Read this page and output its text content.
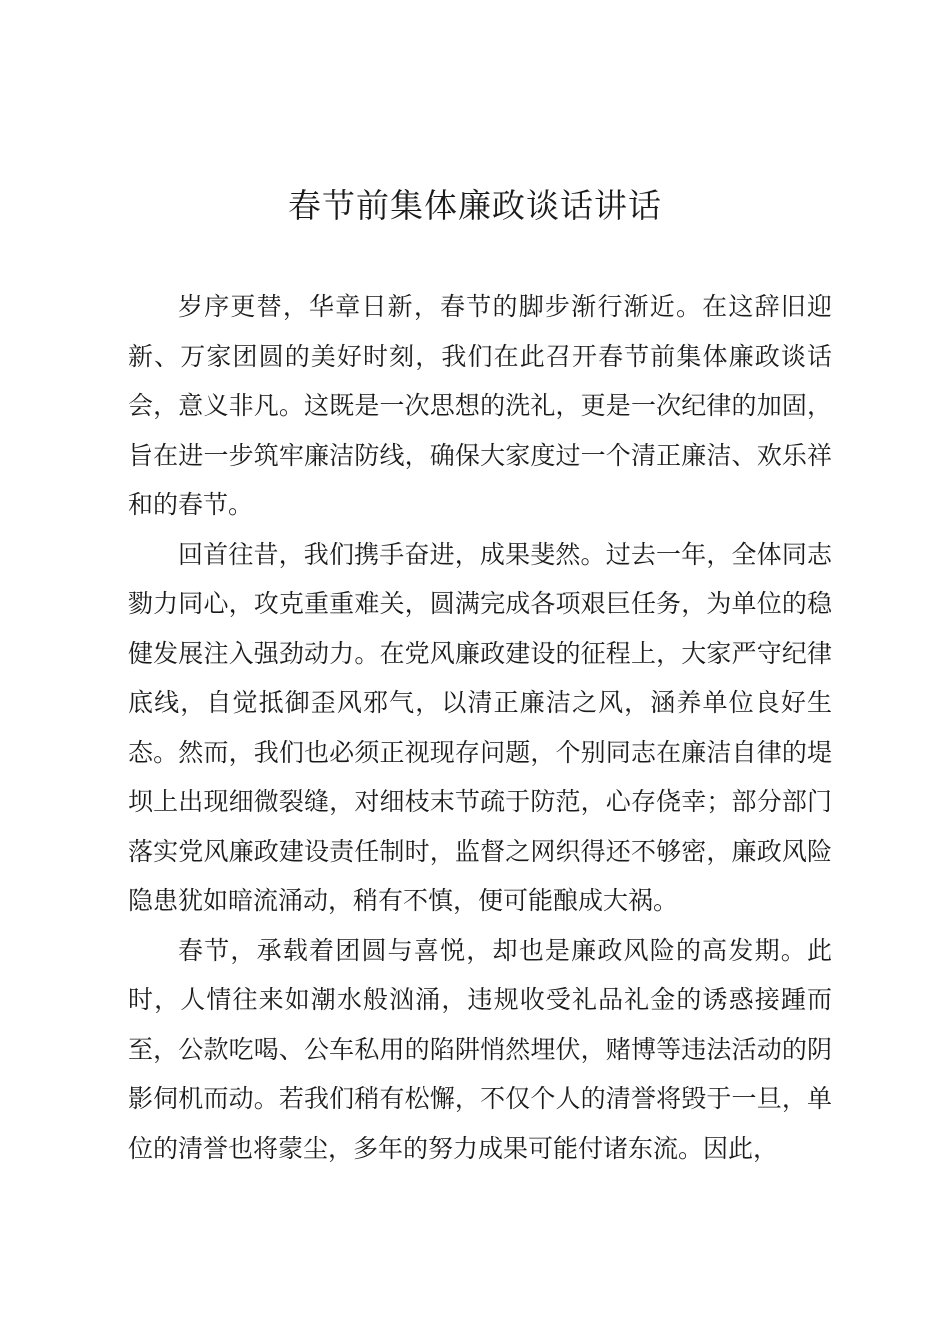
春节前集体廉政谈话讲话

岁序更替，华章日新，春节的脚步渐行渐近。在这辞旧迎新、万家团圆的美好时刻，我们在此召开春节前集体廉政谈话会，意义非凡。这既是一次思想的洗礼，更是一次纪律的加固，旨在进一步筑牢廉洁防线，确保大家度过一个清正廉洁、欢乐祥和的春节。

回首往昔，我们携手奋进，成果斐然。过去一年，全体同志勠力同心，攻克重重难关，圆满完成各项艰巨任务，为单位的稳健发展注入强劲动力。在党风廉政建设的征程上，大家严守纪律底线，自觉抵御歪风邪气，以清正廉洁之风，涵养单位良好生态。然而，我们也必须正视现存问题，个别同志在廉洁自律的堤坝上出现细微裂缝，对细枝末节疏于防范，心存侥幸；部分部门落实党风廉政建设责任制时，监督之网织得还不够密，廉政风险隐患犹如暗流涌动，稍有不慎，便可能酿成大祸。

春节，承载着团圆与喜悦，却也是廉政风险的高发期。此时，人情往来如潮水般汹涌，违规收受礼品礼金的诱惑接踵而至，公款吃喝、公车私用的陷阱悄然埋伏，赌博等违法活动的阴影伺机而动。若我们稍有松懈，不仅个人的清誉将毁于一旦，单位的清誉也将蒙尘，多年的努力成果可能付诸东流。因此，
